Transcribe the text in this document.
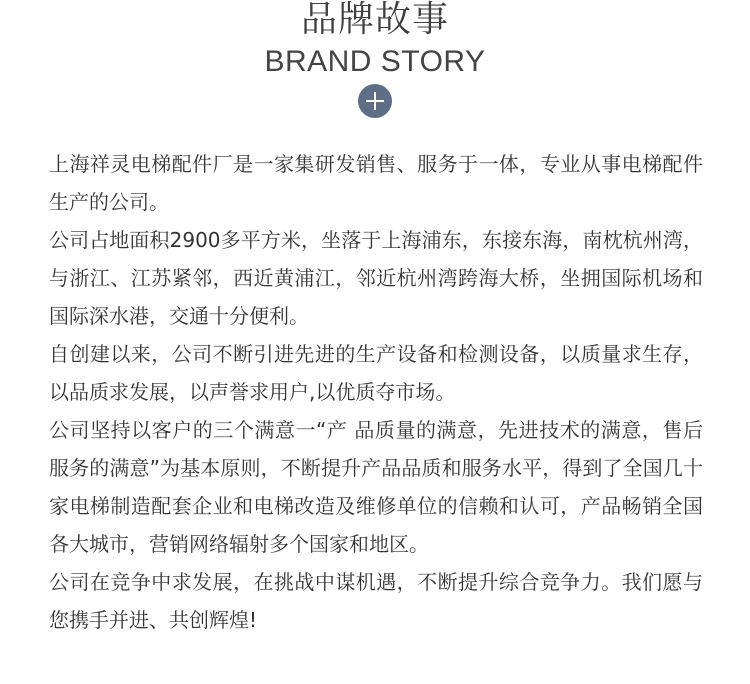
品牌故事
BRAND STORY

上海祥灵电梯配件厂是一家集研发销售、服务于一体，专业从事电梯配件生产的公司。

公司占地面积2900多平方米，坐落于上海浦东，东接东海，南枕杭州湾，与浙江、江苏紧邻，西近黄浦江，邻近杭州湾跨海大桥，坐拥国际机场和国际深水港，交通十分便利。

自创建以来，公司不断引进先进的生产设备和检测设备，以质量求生存，以品质求发展，以声誉求用户,以优质夺市场。

公司坚持以客户的三个满意一“产 品质量的满意，先进技术的满意，售后服务的满意”为基本原则，不断提升产品品质和服务水平，得到了全国几十家电梯制造配套企业和电梯改造及维修单位的信赖和认可，产品畅销全国各大城市，营销网络辐射多个国家和地区。

公司在竞争中求发展，在挑战中谋机遇，不断提升综合竞争力。我们愿与您携手并进、共创辉煌!
